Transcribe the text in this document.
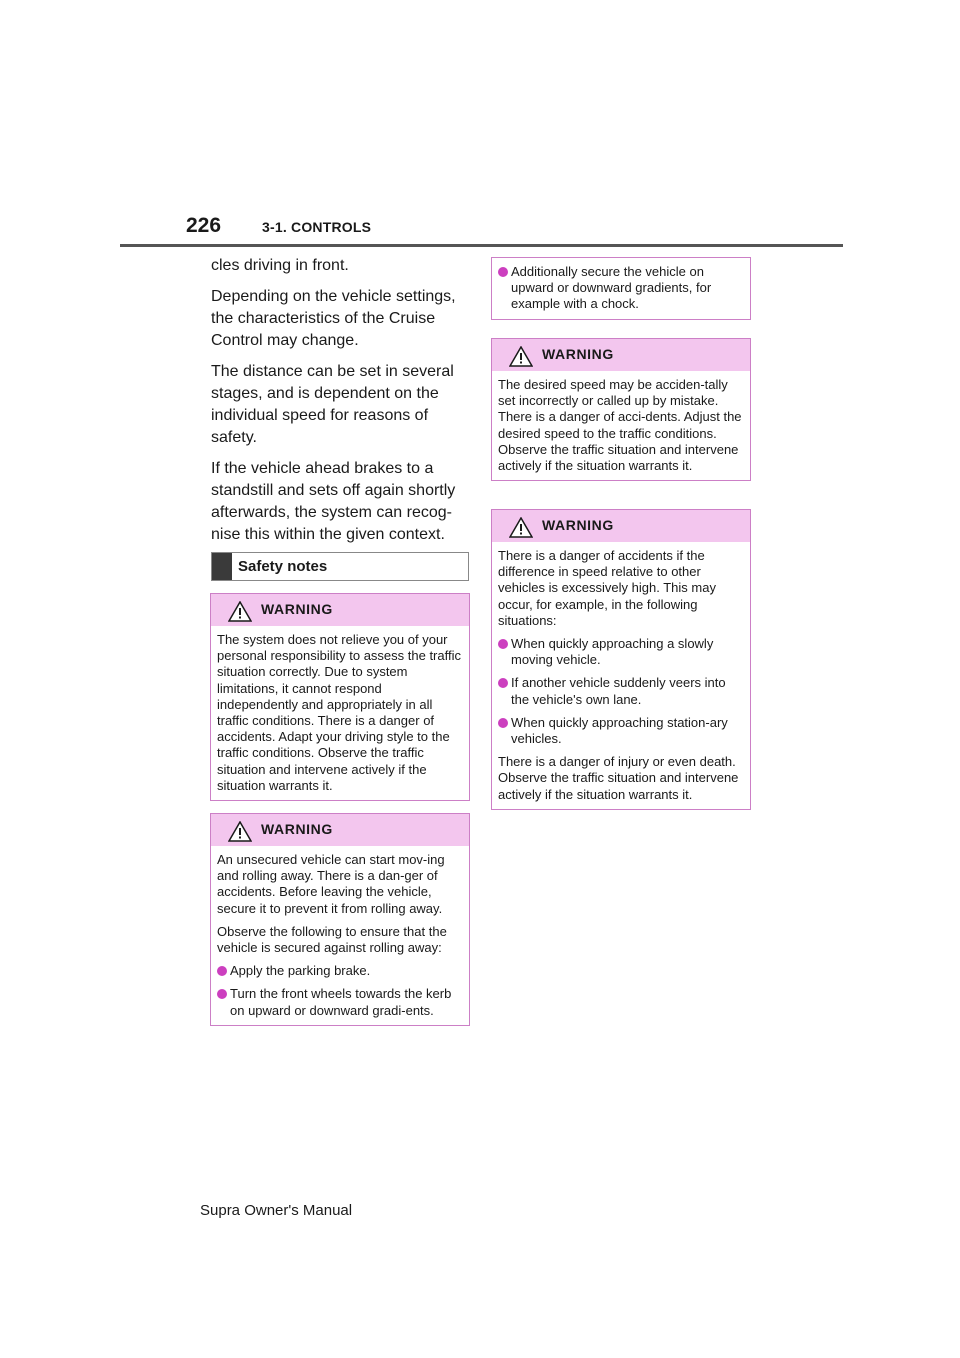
226	3-1. CONTROLS

cles driving in front.

Depending on the vehicle settings, the characteristics of the Cruise Control may change.

The distance can be set in several stages, and is dependent on the individual speed for reasons of safety.

If the vehicle ahead brakes to a standstill and sets off again shortly afterwards, the system can recog-nise this within the given context.

Safety notes
WARNING

The system does not relieve you of your personal responsibility to assess the traffic situation correctly. Due to system limitations, it cannot respond independently and appropriately in all traffic conditions. There is a danger of accidents. Adapt your driving style to the traffic conditions. Observe the traffic situation and intervene actively if the situation warrants it.

WARNING

An unsecured vehicle can start mov-ing and rolling away. There is a dan-ger of accidents. Before leaving the vehicle, secure it to prevent it from rolling away.

Observe the following to ensure that the vehicle is secured against rolling away:

Apply the parking brake.
Turn the front wheels towards the kerb on upward or downward gradi-ents.
Additionally secure the vehicle on upward or downward gradients, for example with a chock.
WARNING

The desired speed may be acciden-tally set incorrectly or called up by mistake. There is a danger of acci-dents. Adjust the desired speed to the traffic conditions. Observe the traffic situation and intervene actively if the situation warrants it.

WARNING

There is a danger of accidents if the difference in speed relative to other vehicles is excessively high. This may occur, for example, in the following situations:

When quickly approaching a slowly moving vehicle.
If another vehicle suddenly veers into the vehicle's own lane.
When quickly approaching station-ary vehicles.

There is a danger of injury or even death. Observe the traffic situation and intervene actively if the situation warrants it.

Supra Owner's Manual
